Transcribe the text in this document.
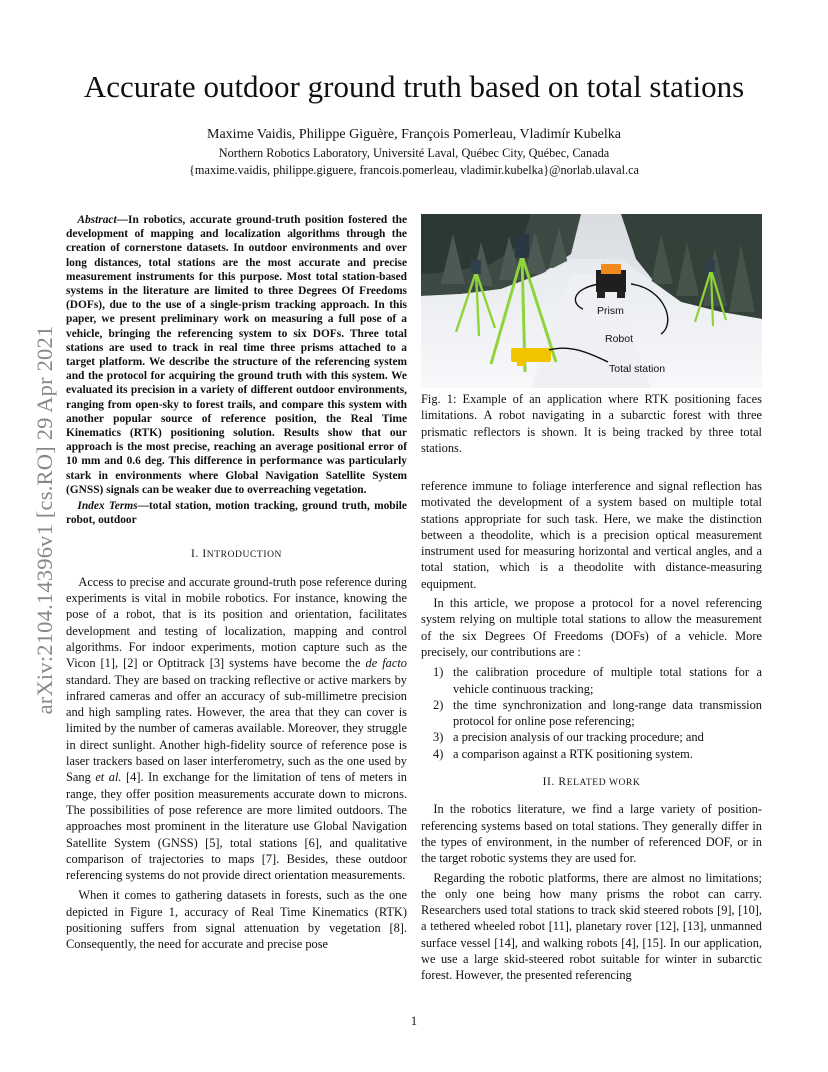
Accurate outdoor ground truth based on total stations
Maxime Vaidis, Philippe Giguère, François Pomerleau, Vladimír Kubelka
Northern Robotics Laboratory, Université Laval, Québec City, Québec, Canada
{maxime.vaidis, philippe.giguere, francois.pomerleau, vladimir.kubelka}@norlab.ulaval.ca
arXiv:2104.14396v1 [cs.RO] 29 Apr 2021

Abstract—In robotics, accurate ground-truth position fostered the development of mapping and localization algorithms through the creation of cornerstone datasets. In outdoor environments and over long distances, total stations are the most accurate and precise measurement instruments for this purpose. Most total station-based systems in the literature are limited to three Degrees Of Freedoms (DOFs), due to the use of a single-prism tracking approach. In this paper, we present preliminary work on measuring a full pose of a vehicle, bringing the referencing system to six DOFs. Three total stations are used to track in real time three prisms attached to a target platform. We describe the structure of the referencing system and the protocol for acquiring the ground truth with this system. We evaluated its precision in a variety of different outdoor environments, ranging from open-sky to forest trails, and compare this system with another popular source of reference position, the Real Time Kinematics (RTK) positioning solution. Results show that our approach is the most precise, reaching an average positional error of 10 mm and 0.6 deg. This difference in performance was particularly stark in environments where Global Navigation Satellite System (GNSS) signals can be weaker due to overreaching vegetation.

Index Terms—total station, motion tracking, ground truth, mobile robot, outdoor

I. INTRODUCTION

Access to precise and accurate ground-truth pose reference during experiments is vital in mobile robotics. For instance, knowing the pose of a robot, that is its position and orientation, facilitates development and testing of localization, mapping and control algorithms. For indoor experiments, motion capture such as the Vicon [1], [2] or Optitrack [3] systems have become the de facto standard. They are based on tracking reflective or active markers by infrared cameras and offer an accuracy of sub-millimetre precision and high sampling rates. However, the area that they can cover is limited by the number of cameras available. Moreover, they struggle in direct sunlight. Another high-fidelity source of reference pose is laser trackers based on laser interferometry, such as the one used by Sang et al. [4]. In exchange for the limitation of tens of meters in range, they offer position measurements accurate down to microns. The possibilities of pose reference are more limited outdoors. The approaches most prominent in the literature use Global Navigation Satellite System (GNSS) [5], total stations [6], and qualitative comparison of trajectories to maps [7]. Besides, these outdoor referencing systems do not provide direct orientation measurements.

When it comes to gathering datasets in forests, such as the one depicted in Figure 1, accuracy of Real Time Kinematics (RTK) positioning suffers from signal attenuation by vegetation [8]. Consequently, the need for accurate and precise pose

Prism
Robot
Total station
Fig. 1: Example of an application where RTK positioning faces limitations. A robot navigating in a subarctic forest with three prismatic reflectors is shown. It is being tracked by three total stations.

reference immune to foliage interference and signal reflection has motivated the development of a system based on multiple total stations appropriate for such task. Here, we make the distinction between a theodolite, which is a precision optical measurement instrument used for measuring horizontal and vertical angles, and a total station, which is a theodolite with distance-measuring equipment.

In this article, we propose a protocol for a novel referencing system relying on multiple total stations to allow the measurement of the six Degrees Of Freedoms (DOFs) of a vehicle. More precisely, our contributions are :

1) the calibration procedure of multiple total stations for a vehicle continuous tracking;
2) the time synchronization and long-range data transmission protocol for online pose referencing;
3) a precision analysis of our tracking procedure; and
4) a comparison against a RTK positioning system.
II. RELATED WORK

In the robotics literature, we find a large variety of position-referencing systems based on total stations. They generally differ in the types of environment, in the number of referenced DOF, or in the target robotic systems they are used for.

Regarding the robotic platforms, there are almost no limitations; the only one being how many prisms the robot can carry. Researchers used total stations to track skid steered robots [9], [10], a tethered wheeled robot [11], planetary rover [12], [13], unmanned surface vessel [14], and walking robots [4], [15]. In our application, we use a large skid-steered robot suitable for winter in subarctic forest. However, the presented referencing

1
